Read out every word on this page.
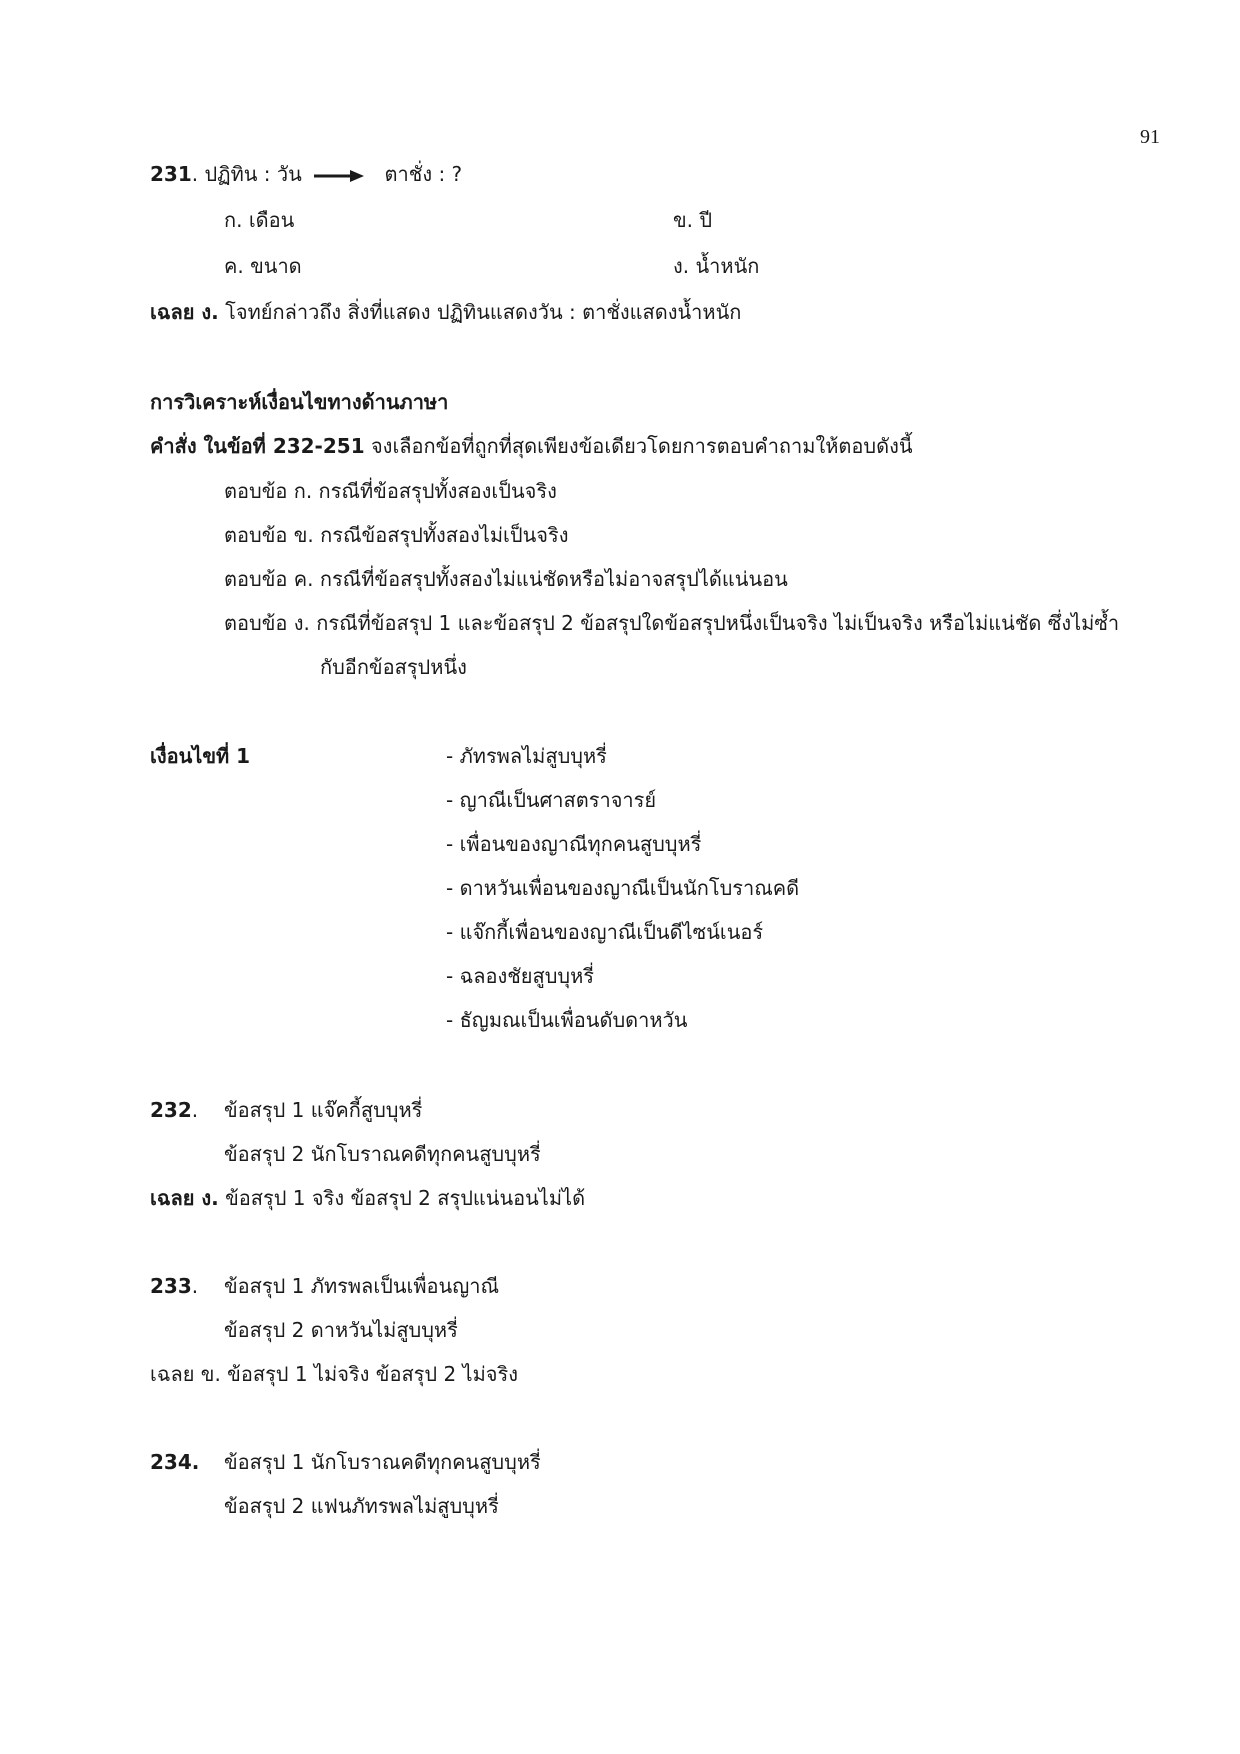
91
231. ปฏิทิน : วัน	ตาชั่ง : ?
ก. เดือน	ข. ปี
ค. ขนาด	ง. น้ำหนัก
เฉลย ง. โจทย์กล่าวถึง สิ่งที่แสดง ปฏิทินแสดงวัน : ตาชั่งแสดงน้ำหนัก
การวิเคราะห์เงื่อนไขทางด้านภาษา
คำสั่ง ในข้อที่ 232-251 จงเลือกข้อที่ถูกที่สุดเพียงข้อเดียวโดยการตอบคำถามให้ตอบดังนี้
ตอบข้อ ก. กรณีที่ข้อสรุปทั้งสองเป็นจริง
ตอบข้อ ข. กรณีข้อสรุปทั้งสองไม่เป็นจริง
ตอบข้อ ค. กรณีที่ข้อสรุปทั้งสองไม่แน่ชัดหรือไม่อาจสรุปได้แน่นอน
ตอบข้อ ง. กรณีที่ข้อสรุป 1 และข้อสรุป 2 ข้อสรุปใดข้อสรุปหนึ่งเป็นจริง ไม่เป็นจริง หรือไม่แน่ชัด ซึ่งไม่ซ้ำ
กับอีกข้อสรุปหนึ่ง
เงื่อนไขที่ 1	- ภัทรพลไม่สูบบุหรี่
- ญาณีเป็นศาสตราจารย์
- เพื่อนของญาณีทุกคนสูบบุหรี่
- ดาหวันเพื่อนของญาณีเป็นนักโบราณคดี
- แจ๊กกี้เพื่อนของญาณีเป็นดีไซน์เนอร์
- ฉลองชัยสูบบุหรี่
- ธัญมณเป็นเพื่อนดับดาหวัน
232. ข้อสรุป 1 แจ๊คกี้สูบบุหรี่
ข้อสรุป 2 นักโบราณคดีทุกคนสูบบุหรี่
เฉลย ง. ข้อสรุป 1 จริง ข้อสรุป 2 สรุปแน่นอนไม่ได้
233. ข้อสรุป 1 ภัทรพลเป็นเพื่อนญาณี
ข้อสรุป 2 ดาหวันไม่สูบบุหรี่
เฉลย ข. ข้อสรุป 1 ไม่จริง ข้อสรุป 2 ไม่จริง
234. ข้อสรุป 1 นักโบราณคดีทุกคนสูบบุหรี่
ข้อสรุป 2 แฟนภัทรพลไม่สูบบุหรี่
